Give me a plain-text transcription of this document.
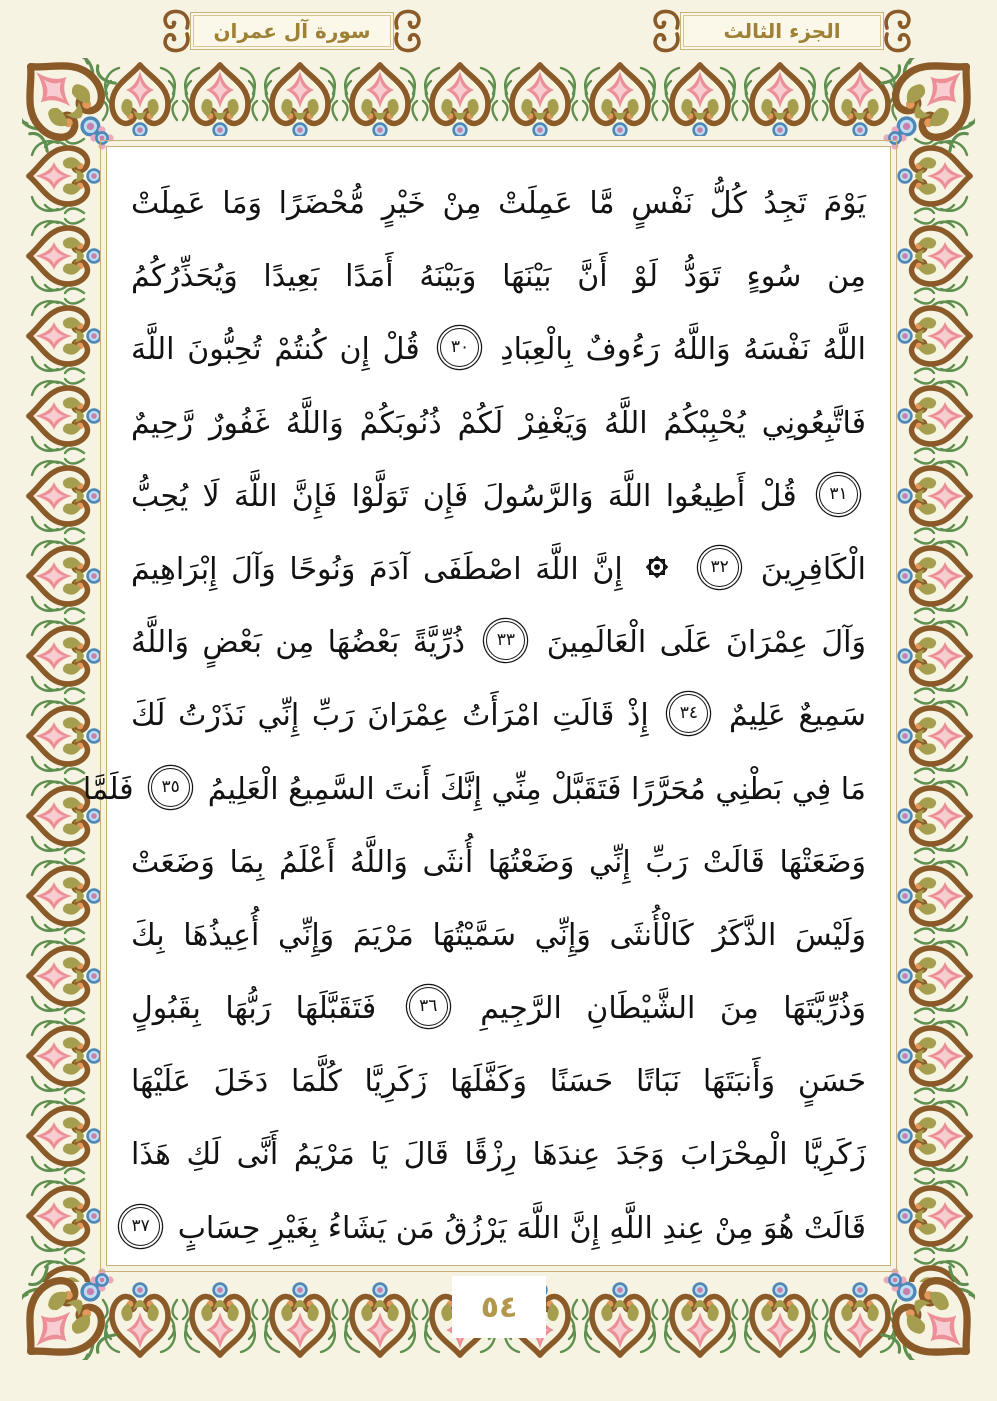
سورة آل عمران	الجزء الثالث
يَوْمَ تَجِدُ كُلُّ نَفْسٍ مَّا عَمِلَتْ مِنْ خَيْرٍ مُّحْضَرًا وَمَا عَمِلَتْ
مِن سُوءٍ تَوَدُّ لَوْ أَنَّ بَيْنَهَا وَبَيْنَهُ أَمَدًا بَعِيدًا وَيُحَذِّرُكُمُ
اللَّهُ نَفْسَهُ وَاللَّهُ رَءُوفٌ بِالْعِبَادِ
٣٠
قُلْ إِن كُنتُمْ تُحِبُّونَ اللَّهَ
فَاتَّبِعُونِي يُحْبِبْكُمُ اللَّهُ وَيَغْفِرْ لَكُمْ ذُنُوبَكُمْ وَاللَّهُ غَفُورٌ رَّحِيمٌ
٣١
قُلْ أَطِيعُوا اللَّهَ وَالرَّسُولَ فَإِن تَوَلَّوْا فَإِنَّ اللَّهَ لَا يُحِبُّ
الْكَافِرِينَ
٣٢
إِنَّ اللَّهَ اصْطَفَى آدَمَ وَنُوحًا وَآلَ إِبْرَاهِيمَ
وَآلَ عِمْرَانَ عَلَى الْعَالَمِينَ
٣٣
ذُرِّيَّةً بَعْضُهَا مِن بَعْضٍ وَاللَّهُ
سَمِيعٌ عَلِيمٌ
٣٤
إِذْ قَالَتِ امْرَأَتُ عِمْرَانَ رَبِّ إِنِّي نَذَرْتُ لَكَ
مَا فِي بَطْنِي مُحَرَّرًا فَتَقَبَّلْ مِنِّي إِنَّكَ أَنتَ السَّمِيعُ الْعَلِيمُ
٣٥
فَلَمَّا
وَضَعَتْهَا قَالَتْ رَبِّ إِنِّي وَضَعْتُهَا أُنثَى وَاللَّهُ أَعْلَمُ بِمَا وَضَعَتْ
وَلَيْسَ الذَّكَرُ كَالْأُنثَى وَإِنِّي سَمَّيْتُهَا مَرْيَمَ وَإِنِّي أُعِيذُهَا بِكَ
وَذُرِّيَّتَهَا مِنَ الشَّيْطَانِ الرَّجِيمِ
٣٦
فَتَقَبَّلَهَا رَبُّهَا بِقَبُولٍ
حَسَنٍ وَأَنبَتَهَا نَبَاتًا حَسَنًا وَكَفَّلَهَا زَكَرِيَّا كُلَّمَا دَخَلَ عَلَيْهَا
زَكَرِيَّا الْمِحْرَابَ وَجَدَ عِندَهَا رِزْقًا قَالَ يَا مَرْيَمُ أَنَّى لَكِ هَذَا
قَالَتْ هُوَ مِنْ عِندِ اللَّهِ إِنَّ اللَّهَ يَرْزُقُ مَن يَشَاءُ بِغَيْرِ حِسَابٍ
٣٧
٥٤
